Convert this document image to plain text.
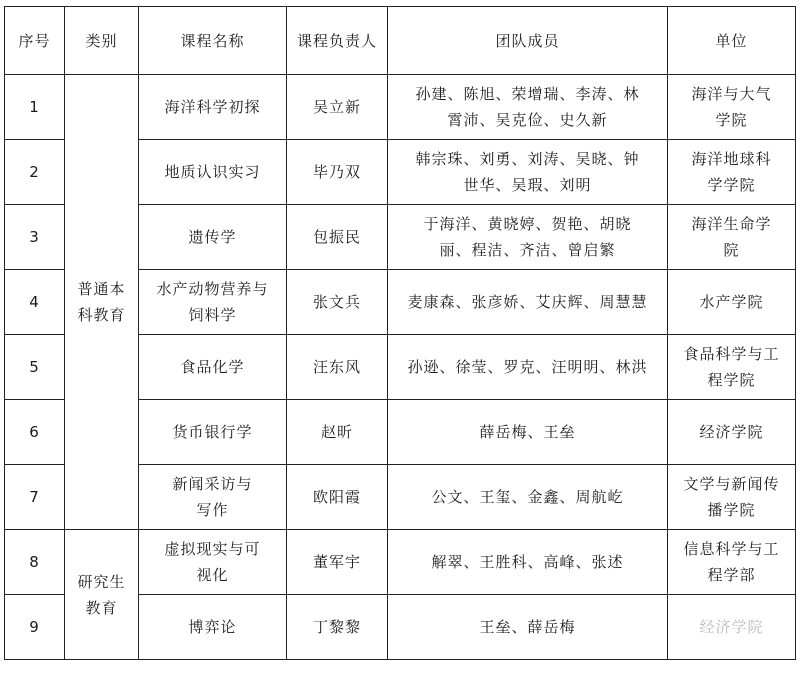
序号	类别	课程名称	课程负责人	团队成员	单位
1	普通本科教育	海洋科学初探	吴立新	孙建、陈旭、荣增瑞、李涛、林霄沛、吴克俭、史久新	海洋与大气学院
2		地质认识实习	毕乃双	韩宗珠、刘勇、刘涛、吴晓、钟世华、吴瑕、刘明	海洋地球科学学院
3		遗传学	包振民	于海洋、黄晓婷、贺艳、胡晓丽、程洁、齐洁、曾启繁	海洋生命学院
4		水产动物营养与饲料学	张文兵	麦康森、张彦娇、艾庆辉、周慧慧	水产学院
5		食品化学	汪东风	孙逊、徐莹、罗克、汪明明、林洪	食品科学与工程学院
6		货币银行学	赵昕	薛岳梅、王垒	经济学院
7		新闻采访与写作	欧阳霞	公文、王玺、金鑫、周航屹	文学与新闻传播学院
8	研究生教育	虚拟现实与可视化	董军宇	解翠、王胜科、高峰、张述	信息科学与工程学部
9		博弈论	丁黎黎	王垒、薛岳梅	经济学院
